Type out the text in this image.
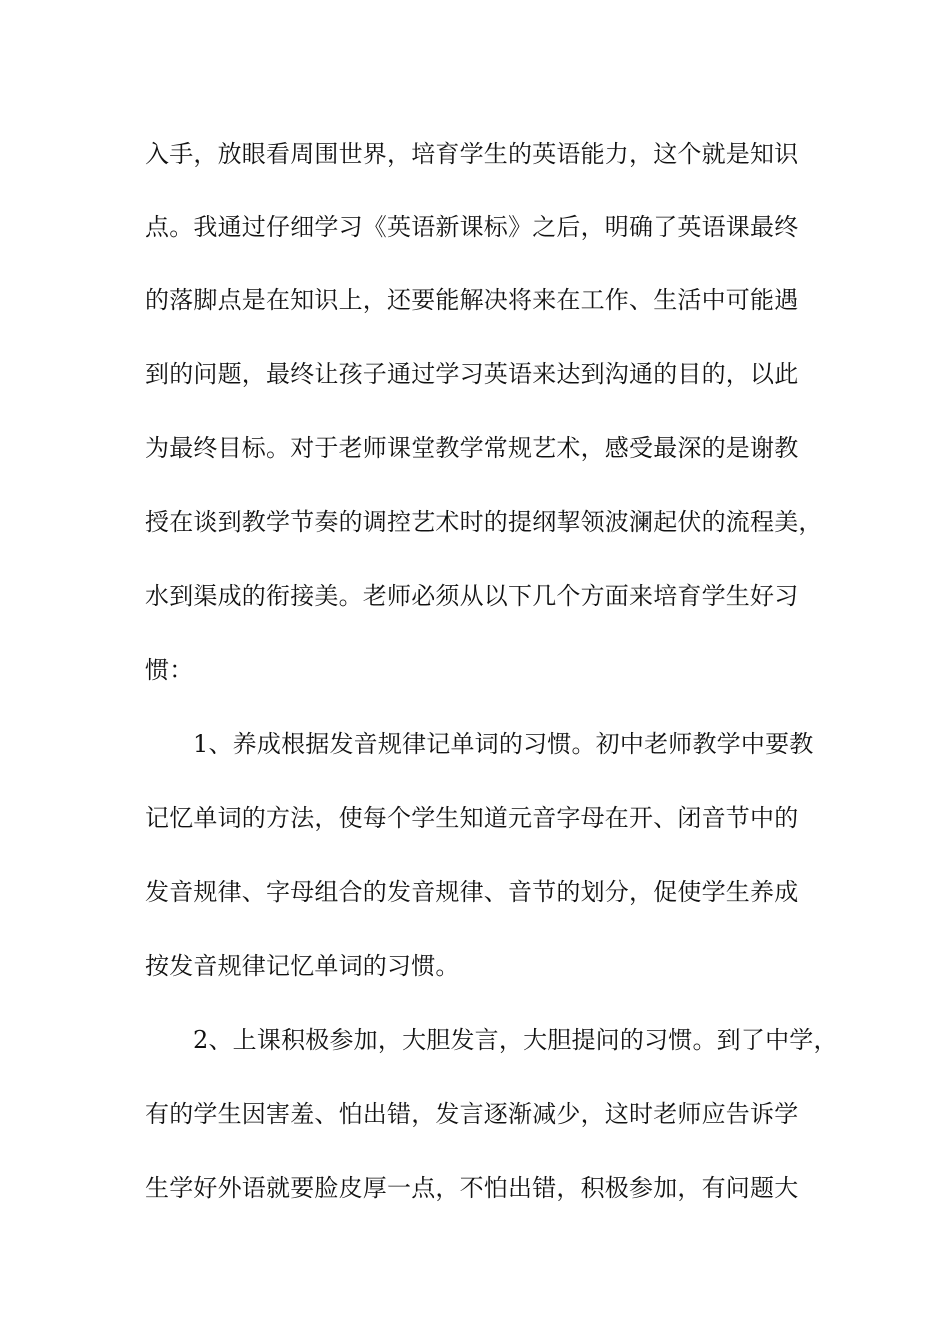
入手，放眼看周围世界，培育学生的英语能力，这个就是知识
点。我通过仔细学习《英语新课标》之后，明确了英语课最终
的落脚点是在知识上，还要能解决将来在工作、生活中可能遇
到的问题，最终让孩子通过学习英语来达到沟通的目的，以此
为最终目标。对于老师课堂教学常规艺术，感受最深的是谢教
授在谈到教学节奏的调控艺术时的提纲挈领波澜起伏的流程美，
水到渠成的衔接美。老师必须从以下几个方面来培育学生好习
惯：
1、养成根据发音规律记单词的习惯。初中老师教学中要教
记忆单词的方法，使每个学生知道元音字母在开、闭音节中的
发音规律、字母组合的发音规律、音节的划分，促使学生养成
按发音规律记忆单词的习惯。
2、上课积极参加，大胆发言，大胆提问的习惯。到了中学，
有的学生因害羞、怕出错，发言逐渐减少，这时老师应告诉学
生学好外语就要脸皮厚一点，不怕出错，积极参加，有问题大
